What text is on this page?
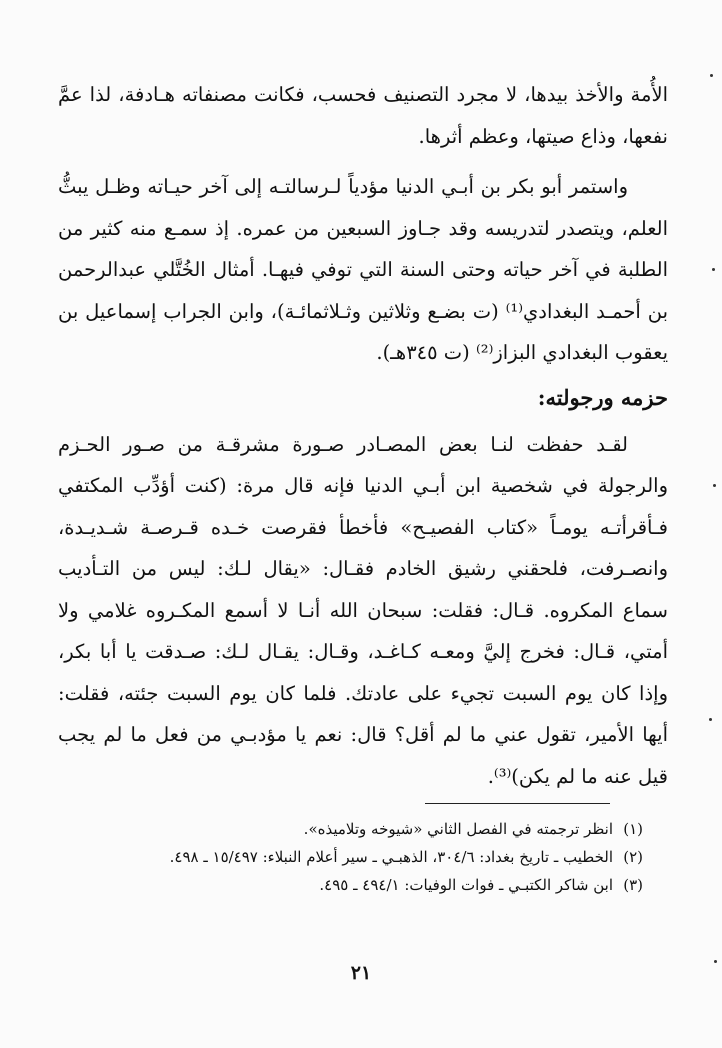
الأُمة والأخذ بيدها، لا مجرد التصنيف فحسب، فكانت مصنفاته هـادفة، لذا عمَّ نفعها، وذاع صيتها، وعظم أثرها.

واستمر أبو بكر بن أبـي الدنيا مؤدياً لـرسالتـه إلى آخر حيـاته وظـل يبثُّ العلم، ويتصدر لتدريسه وقد جـاوز السبعين من عمره. إذ سمـع منه كثير من الطلبة في آخر حياته وحتى السنة التي توفي فيهـا. أمثال الخُتَّلي عبدالرحمن بن أحمـد البغدادي⁽¹⁾ (ت بضـع وثلاثين وثـلاثمائـة)، وابن الجراب إسماعيل بن يعقوب البغدادي البزاز⁽²⁾ (ت ٣٤٥هـ).

حزمه ورجولته:

لقـد حفظت لنـا بعض المصـادر صـورة مشرقـة من صـور الحـزم والرجولة في شخصية ابن أبـي الدنيا فإنه قال مرة: (كنت أؤدِّب المكتفي فـأقرأتـه يومـاً «كتاب الفصيـح» فأخطأ فقرصت خـده قـرصـة شـديـدة، وانصـرفت، فلحقني رشيق الخادم فقـال: «يقال لـك: ليس من التـأديب سماع المكروه. قـال: فقلت: سبحان الله أنـا لا أسمع المكـروه غلامي ولا أمتي، قـال: فخرج إليَّ ومعـه كـاغـد، وقـال: يقـال لـك: صـدقت يا أبا بكر، وإذا كان يوم السبت تجيء على عادتك. فلما كان يوم السبت جئته، فقلت: أيها الأمير، تقول عني ما لم أقل؟ قال: نعم يا مؤدبـي من فعل ما لم يجب قيل عنه ما لم يكن)⁽³⁾.

(١)
انظر ترجمته في الفصل الثاني «شيوخه وتلاميذه».
(٢)
الخطيب ـ تاريخ بغداد: ٣٠٤/٦، الذهبـي ـ سير أعلام النبلاء: ١٥/٤٩٧ ـ ٤٩٨.
(٣)
ابن شاكر الكتبـي ـ فوات الوفيات: ٤٩٤/١ ـ ٤٩٥.
٢١
